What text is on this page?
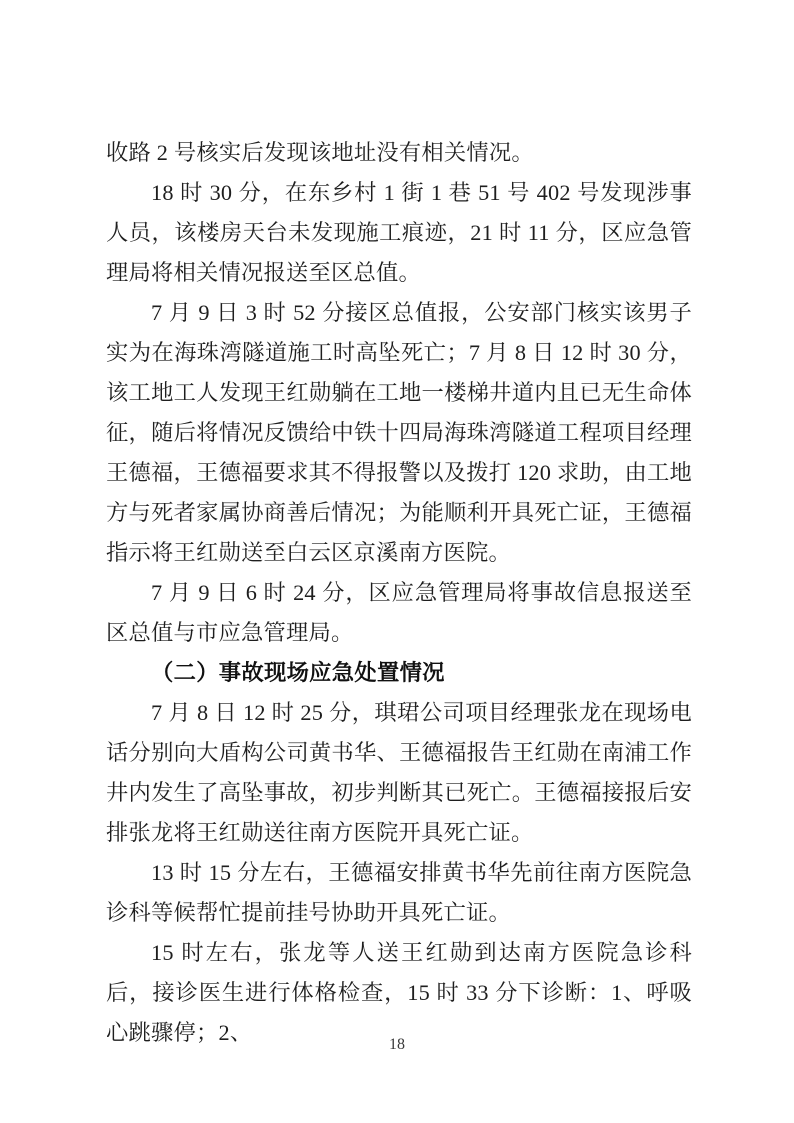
收路 2 号核实后发现该地址没有相关情况。

18 时 30 分，在东乡村 1 街 1 巷 51 号 402 号发现涉事人员，该楼房天台未发现施工痕迹，21 时 11 分，区应急管理局将相关情况报送至区总值。

7 月 9 日 3 时 52 分接区总值报，公安部门核实该男子实为在海珠湾隧道施工时高坠死亡；7 月 8 日 12 时 30 分，该工地工人发现王红勋躺在工地一楼梯井道内且已无生命体征，随后将情况反馈给中铁十四局海珠湾隧道工程项目经理王德福，王德福要求其不得报警以及拨打 120 求助，由工地方与死者家属协商善后情况；为能顺利开具死亡证，王德福指示将王红勋送至白云区京溪南方医院。

7 月 9 日 6 时 24 分，区应急管理局将事故信息报送至区总值与市应急管理局。

（二）事故现场应急处置情况

7 月 8 日 12 时 25 分，琪珺公司项目经理张龙在现场电话分别向大盾构公司黄书华、王德福报告王红勋在南浦工作井内发生了高坠事故，初步判断其已死亡。王德福接报后安排张龙将王红勋送往南方医院开具死亡证。

13 时 15 分左右，王德福安排黄书华先前往南方医院急诊科等候帮忙提前挂号协助开具死亡证。

15 时左右，张龙等人送王红勋到达南方医院急诊科后，接诊医生进行体格检查，15 时 33 分下诊断：1、呼吸心跳骤停；2、	18
